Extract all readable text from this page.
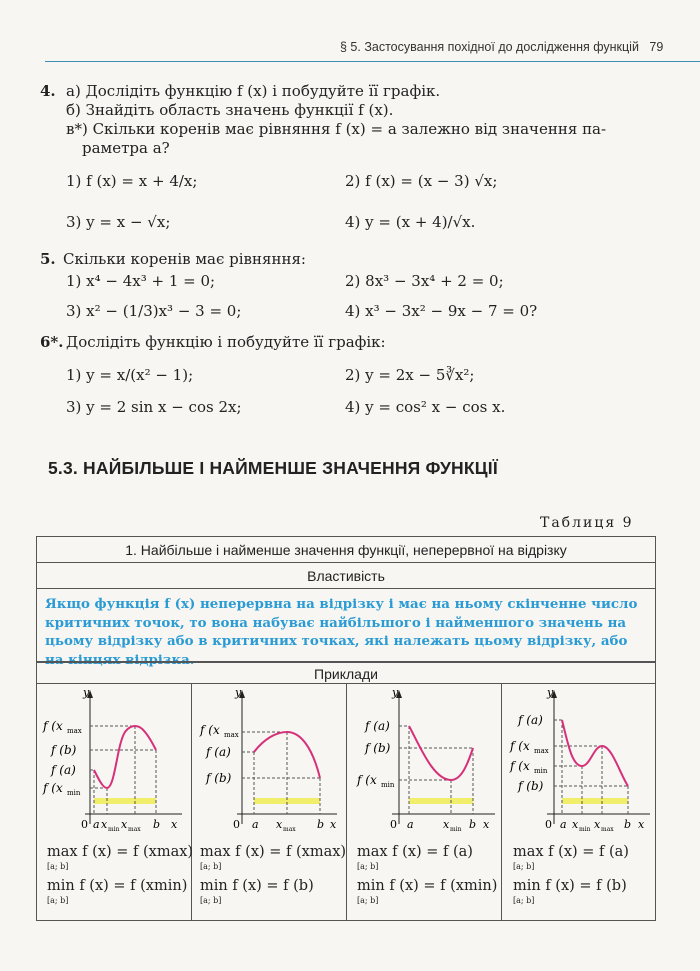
§ 5. Застосування похідної до дослідження функцій 79
4. а) Дослідіть функцію f (x) і побудуйте її графік.
б) Знайдіть область значень функції f (x).
в*) Скільки коренів має рівняння f (x) = a залежно від значення па-
раметра a?
1) f (x) = x + 4/x;	2) f (x) = (x − 3) √x;
3) y = x − √x;	4) y = (x + 4)/√x.
5. Скільки коренів має рівняння:
1) x⁴ − 4x³ + 1 = 0;	2) 8x³ − 3x⁴ + 2 = 0;
3) x² − (1/3)x³ − 3 = 0;	4) x³ − 3x² − 9x − 7 = 0?
6*. Дослідіть функцію і побудуйте її графік:
1) y = x/(x² − 1);	2) y = 2x − 5∛x²;
3) y = 2 sin x − cos 2x;	4) y = cos² x − cos x.
5.3. НАЙБІЛЬШЕ І НАЙМЕНШЕ ЗНАЧЕННЯ ФУНКЦІЇ
Таблиця 9
1. Найбільше і найменше значення функції, неперервної на відрізку
Властивість
Якщо функція f (x) неперервна на відрізку і має на ньому скінченне число критичних точок, то вона набуває найбільшого і найменшого значень на цьому відрізку або в критичних точках, які належать цьому відрізку, або на кінцях відрізка.
Приклади
y
f (x max
f (b)
f (a)
f (x min
0 a x min x max b x
y
f (x max
f (a)
f (b)
0 a x max b x
y
f (a)
f (b)
f (x min
0 a	x min b x
y
f (a)
f (x max
f (x min
f (b)
0 a x min x max b x
max f (x) = f (xmax)
[a; b]
min f (x) = f (xmin)
[a; b]
max f (x) = f (xmax)
[a; b]
min f (x) = f (b)
[a; b]
max f (x) = f (a)
[a; b]
min f (x) = f (xmin)
[a; b]
max f (x) = f (a)
[a; b]
min f (x) = f (b)
[a; b]
